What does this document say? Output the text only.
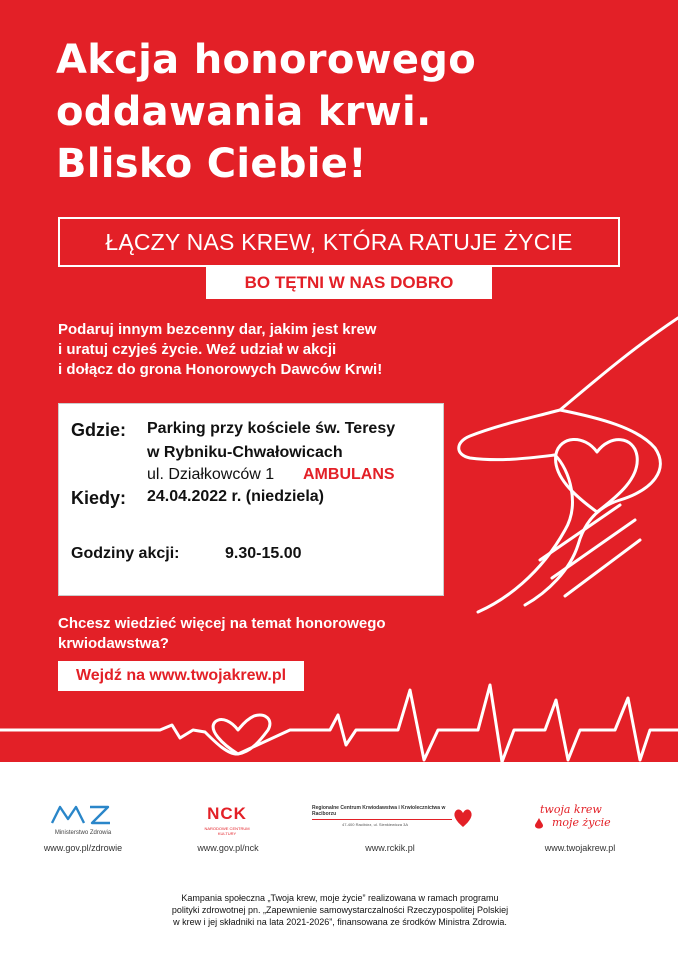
Akcja honorowego
oddawania krwi.
Blisko Ciebie!
ŁĄCZY NAS KREW, KTÓRA RATUJE ŻYCIE
BO TĘTNI W NAS DOBRO
Podaruj innym bezcenny dar, jakim jest krew
i uratuj czyjeś życie. Weź udział w akcji
i dołącz do grona Honorowych Dawców Krwi!
Gdzie: Parking przy kościele św. Teresy
w Rybniku-Chwałowicach
ul. Działkowców 1 AMBULANS
Kiedy: 24.04.2022 r. (niedziela)
Godziny akcji:	9.30-15.00
Chcesz wiedzieć więcej na temat honorowego
krwiodawstwa?
Wejdź na www.twojakrew.pl
Ministerstwo Zdrowia
www.gov.pl/zdrowie
NCK
NARODOWE CENTRUM KULTURY
www.gov.pl/nck
Regionalne Centrum Krwiodawstwa i Krwiolecznictwa w Raciborzu
47-400 Racibórz, ul. Sienkiewicza 3A
www.rckik.pl
twoja krew
moje życie
www.twojakrew.pl
Kampania społeczna „Twoja krew, moje życie” realizowana w ramach programu
polityki zdrowotnej pn. „Zapewnienie samowystarczalności Rzeczypospolitej Polskiej
w krew i jej składniki na lata 2021-2026”, finansowana ze środków Ministra Zdrowia.
